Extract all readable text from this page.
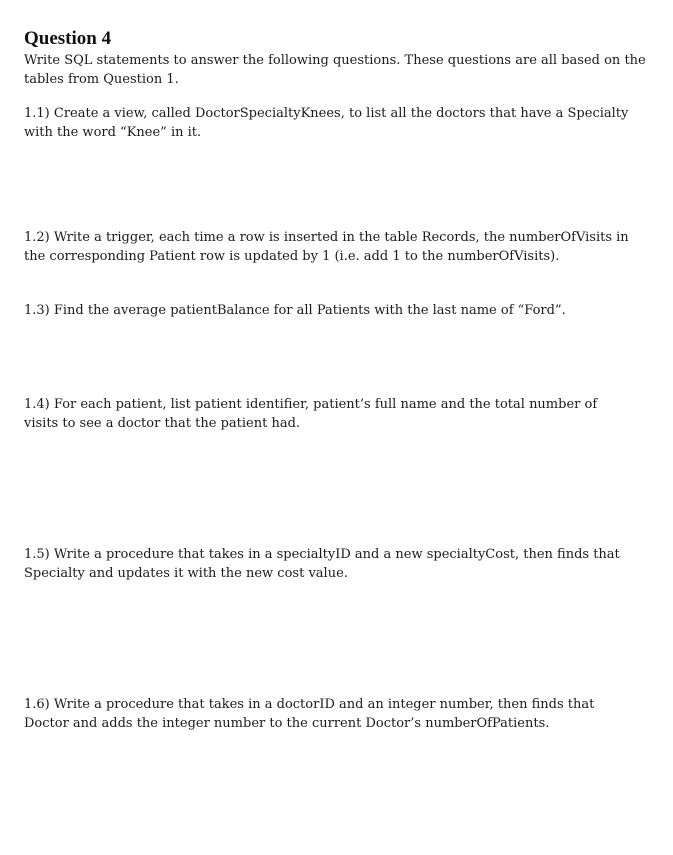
Question 4
Write SQL statements to answer the following questions. These questions are all based on the
tables from Question 1.
1.1) Create a view, called DoctorSpecialtyKnees, to list all the doctors that have a Specialty
with the word “Knee” in it.
1.2) Write a trigger, each time a row is inserted in the table Records, the numberOfVisits in
the corresponding Patient row is updated by 1 (i.e. add 1 to the numberOfVisits).
1.3) Find the average patientBalance for all Patients with the last name of “Ford”.
1.4) For each patient, list patient identifier, patient’s full name and the total number of
visits to see a doctor that the patient had.
1.5) Write a procedure that takes in a specialtyID and a new specialtyCost, then finds that
Specialty and updates it with the new cost value.
1.6) Write a procedure that takes in a doctorID and an integer number, then finds that
Doctor and adds the integer number to the current Doctor’s numberOfPatients.
